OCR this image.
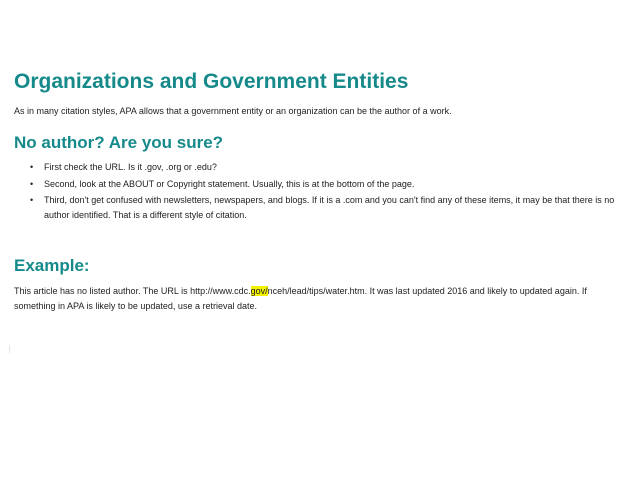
Organizations and Government Entities

As in many citation styles, APA allows that a government entity or an organization can be the author of a work.

No author? Are you sure?
• First check the URL. Is it .gov, .org or .edu?
• Second, look at the ABOUT or Copyright statement. Usually, this is at the bottom of the page.
• Third, don't get confused with newsletters, newspapers, and blogs. If it is a .com and you can't find any of these items, it may be that there is no author identified. That is a different style of citation.
Example:

This article has no listed author. The URL is http://www.cdc.gov/nceh/lead/tips/water.htm. It was last updated 2016 and likely to updated again. If something in APA is likely to be updated, use a retrieval date.
